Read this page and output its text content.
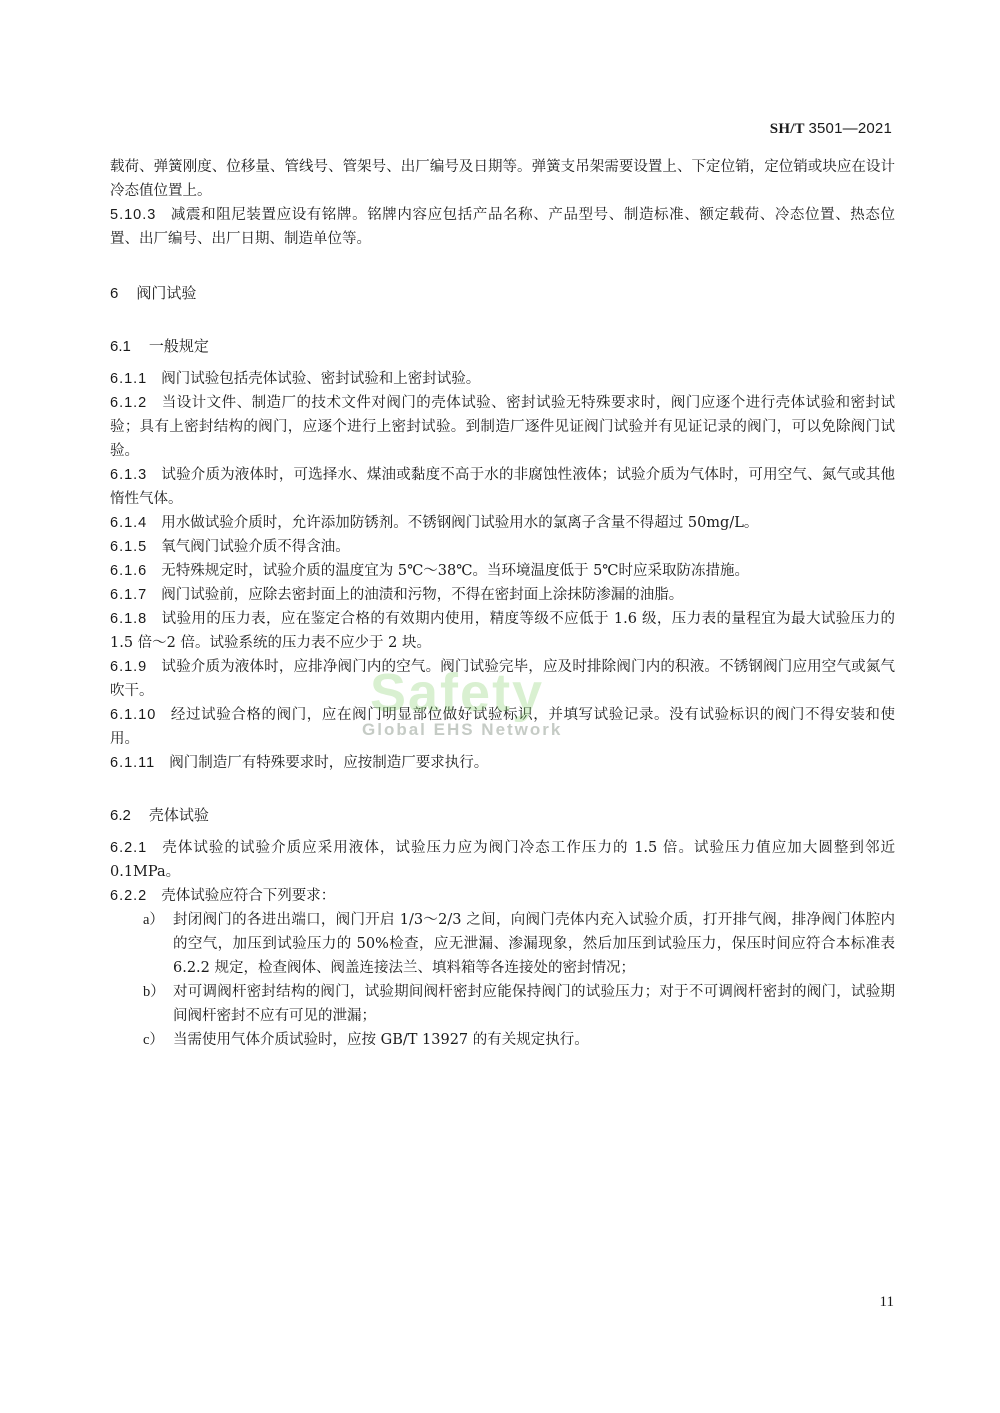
SH/T 3501—2021

载荷、弹簧刚度、位移量、管线号、管架号、出厂编号及日期等。弹簧支吊架需要设置上、下定位销，定位销或块应在设计冷态值位置上。

5.10.3 减震和阻尼装置应设有铭牌。铭牌内容应包括产品名称、产品型号、制造标准、额定载荷、冷态位置、热态位置、出厂编号、出厂日期、制造单位等。

6 阀门试验
6.1 一般规定

6.1.1 阀门试验包括壳体试验、密封试验和上密封试验。

6.1.2 当设计文件、制造厂的技术文件对阀门的壳体试验、密封试验无特殊要求时，阀门应逐个进行壳体试验和密封试验；具有上密封结构的阀门，应逐个进行上密封试验。到制造厂逐件见证阀门试验并有见证记录的阀门，可以免除阀门试验。

6.1.3 试验介质为液体时，可选择水、煤油或黏度不高于水的非腐蚀性液体；试验介质为气体时，可用空气、氮气或其他惰性气体。

6.1.4 用水做试验介质时，允许添加防锈剂。不锈钢阀门试验用水的氯离子含量不得超过 50mg/L。

6.1.5 氧气阀门试验介质不得含油。

6.1.6 无特殊规定时，试验介质的温度宜为 5℃～38℃。当环境温度低于 5℃时应采取防冻措施。

6.1.7 阀门试验前，应除去密封面上的油渍和污物，不得在密封面上涂抹防渗漏的油脂。

6.1.8 试验用的压力表，应在鉴定合格的有效期内使用，精度等级不应低于 1.6 级，压力表的量程宜为最大试验压力的 1.5 倍～2 倍。试验系统的压力表不应少于 2 块。

6.1.9 试验介质为液体时，应排净阀门内的空气。阀门试验完毕，应及时排除阀门内的积液。不锈钢阀门应用空气或氮气吹干。

6.1.10 经过试验合格的阀门，应在阀门明显部位做好试验标识，并填写试验记录。没有试验标识的阀门不得安装和使用。

6.1.11 阀门制造厂有特殊要求时，应按制造厂要求执行。

6.2 壳体试验

6.2.1 壳体试验的试验介质应采用液体，试验压力应为阀门冷态工作压力的 1.5 倍。试验压力值应加大圆整到邻近 0.1MPa。

6.2.2 壳体试验应符合下列要求：

a） 封闭阀门的各进出端口，阀门开启 1/3～2/3 之间，向阀门壳体内充入试验介质，打开排气阀，排净阀门体腔内的空气，加压到试验压力的 50%检查，应无泄漏、渗漏现象，然后加压到试验压力，保压时间应符合本标准表 6.2.2 规定，检查阀体、阀盖连接法兰、填料箱等各连接处的密封情况；
b） 对可调阀杆密封结构的阀门，试验期间阀杆密封应能保持阀门的试验压力；对于不可调阀杆密封的阀门，试验期间阀杆密封不应有可见的泄漏；
c） 当需使用气体介质试验时，应按 GB/T 13927 的有关规定执行。
Safety
Global EHS Network
11
